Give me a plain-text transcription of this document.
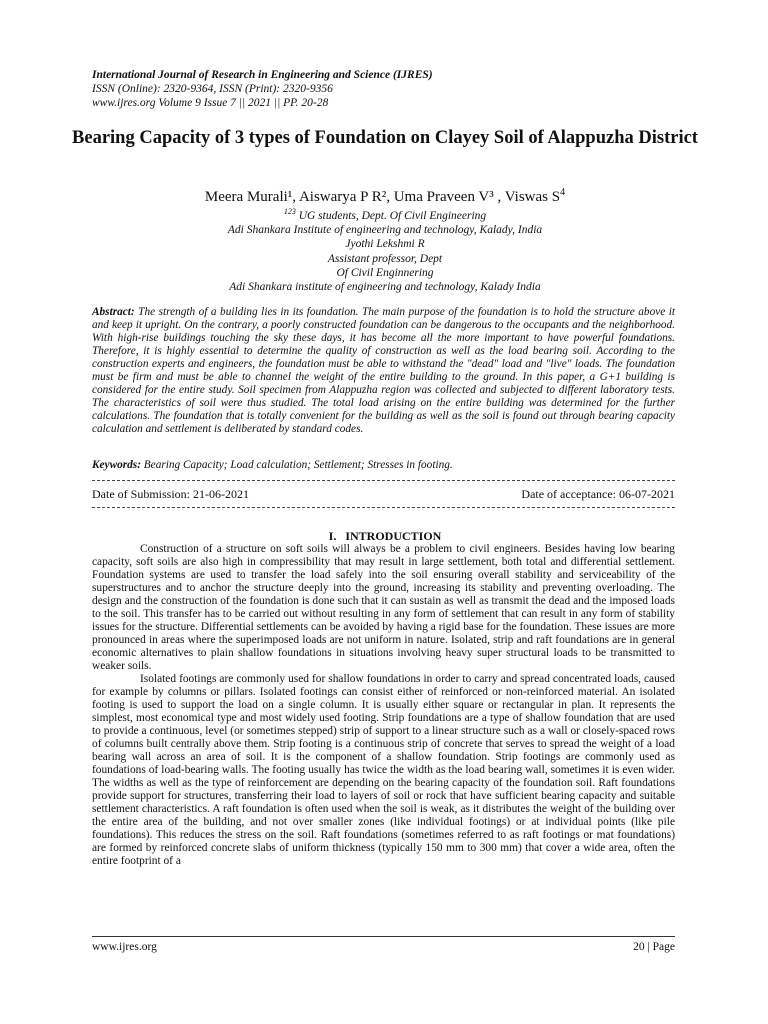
International Journal of Research in Engineering and Science (IJRES)
ISSN (Online): 2320-9364, ISSN (Print): 2320-9356
www.ijres.org Volume 9 Issue 7 || 2021 || PP. 20-28
Bearing Capacity of 3 types of Foundation on Clayey Soil of Alappuzha District
Meera Murali¹, Aiswarya P R², Uma Praveen V³ , Viswas $S^4$
$^{123}$ UG students, Dept. Of Civil Engineering
Adi Shankara Institute of engineering and technology, Kalady, India
Jyothi Lekshmi R
Assistant professor, Dept
Of Civil Enginnering
Adi Shankara institute of engineering and technology, Kalady India
Abstract: The strength of a building lies in its foundation. The main purpose of the foundation is to hold the structure above it and keep it upright. On the contrary, a poorly constructed foundation can be dangerous to the occupants and the neighborhood. With high-rise buildings touching the sky these days, it has become all the more important to have powerful foundations. Therefore, it is highly essential to determine the quality of construction as well as the load bearing soil. According to the construction experts and engineers, the foundation must be able to withstand the "dead" load and "live" loads. The foundation must be firm and must be able to channel the weight of the entire building to the ground. In this paper, a G+1 building is considered for the entire study. Soil specimen from Alappuzha region was collected and subjected to different laboratory tests. The characteristics of soil were thus studied. The total load arising on the entire building was determined for the further calculations. The foundation that is totally convenient for the building as well as the soil is found out through bearing capacity calculation and settlement is deliberated by standard codes.
Keywords: Bearing Capacity; Load calculation; Settlement; Stresses in footing.
Date of Submission: 21-06-2021	Date of acceptance: 06-07-2021
I.   INTRODUCTION

Construction of a structure on soft soils will always be a problem to civil engineers. Besides having low bearing capacity, soft soils are also high in compressibility that may result in large settlement, both total and differential settlement. Foundation systems are used to transfer the load safely into the soil ensuring overall stability and serviceability of the superstructures and to anchor the structure deeply into the ground, increasing its stability and preventing overloading. The design and the construction of the foundation is done such that it can sustain as well as transmit the dead and the imposed loads to the soil. This transfer has to be carried out without resulting in any form of settlement that can result in any form of stability issues for the structure. Differential settlements can be avoided by having a rigid base for the foundation. These issues are more pronounced in areas where the superimposed loads are not uniform in nature. Isolated, strip and raft foundations are in general economic alternatives to plain shallow foundations in situations involving heavy super structural loads to be transmitted to weaker soils.

Isolated footings are commonly used for shallow foundations in order to carry and spread concentrated loads, caused for example by columns or pillars. Isolated footings can consist either of reinforced or non-reinforced material. An isolated footing is used to support the load on a single column. It is usually either square or rectangular in plan. It represents the simplest, most economical type and most widely used footing. Strip foundations are a type of shallow foundation that are used to provide a continuous, level (or sometimes stepped) strip of support to a linear structure such as a wall or closely-spaced rows of columns built centrally above them. Strip footing is a continuous strip of concrete that serves to spread the weight of a load bearing wall across an area of soil. It is the component of a shallow foundation. Strip footings are commonly used as foundations of load-bearing walls. The footing usually has twice the width as the load bearing wall, sometimes it is even wider. The widths as well as the type of reinforcement are depending on the bearing capacity of the foundation soil. Raft foundations provide support for structures, transferring their load to layers of soil or rock that have sufficient bearing capacity and suitable settlement characteristics. A raft foundation is often used when the soil is weak, as it distributes the weight of the building over the entire area of the building, and not over smaller zones (like individual footings) or at individual points (like pile foundations). This reduces the stress on the soil. Raft foundations (sometimes referred to as raft footings or mat foundations) are formed by reinforced concrete slabs of uniform thickness (typically 150 mm to 300 mm) that cover a wide area, often the entire footprint of a

www.ijres.org	20 | Page
